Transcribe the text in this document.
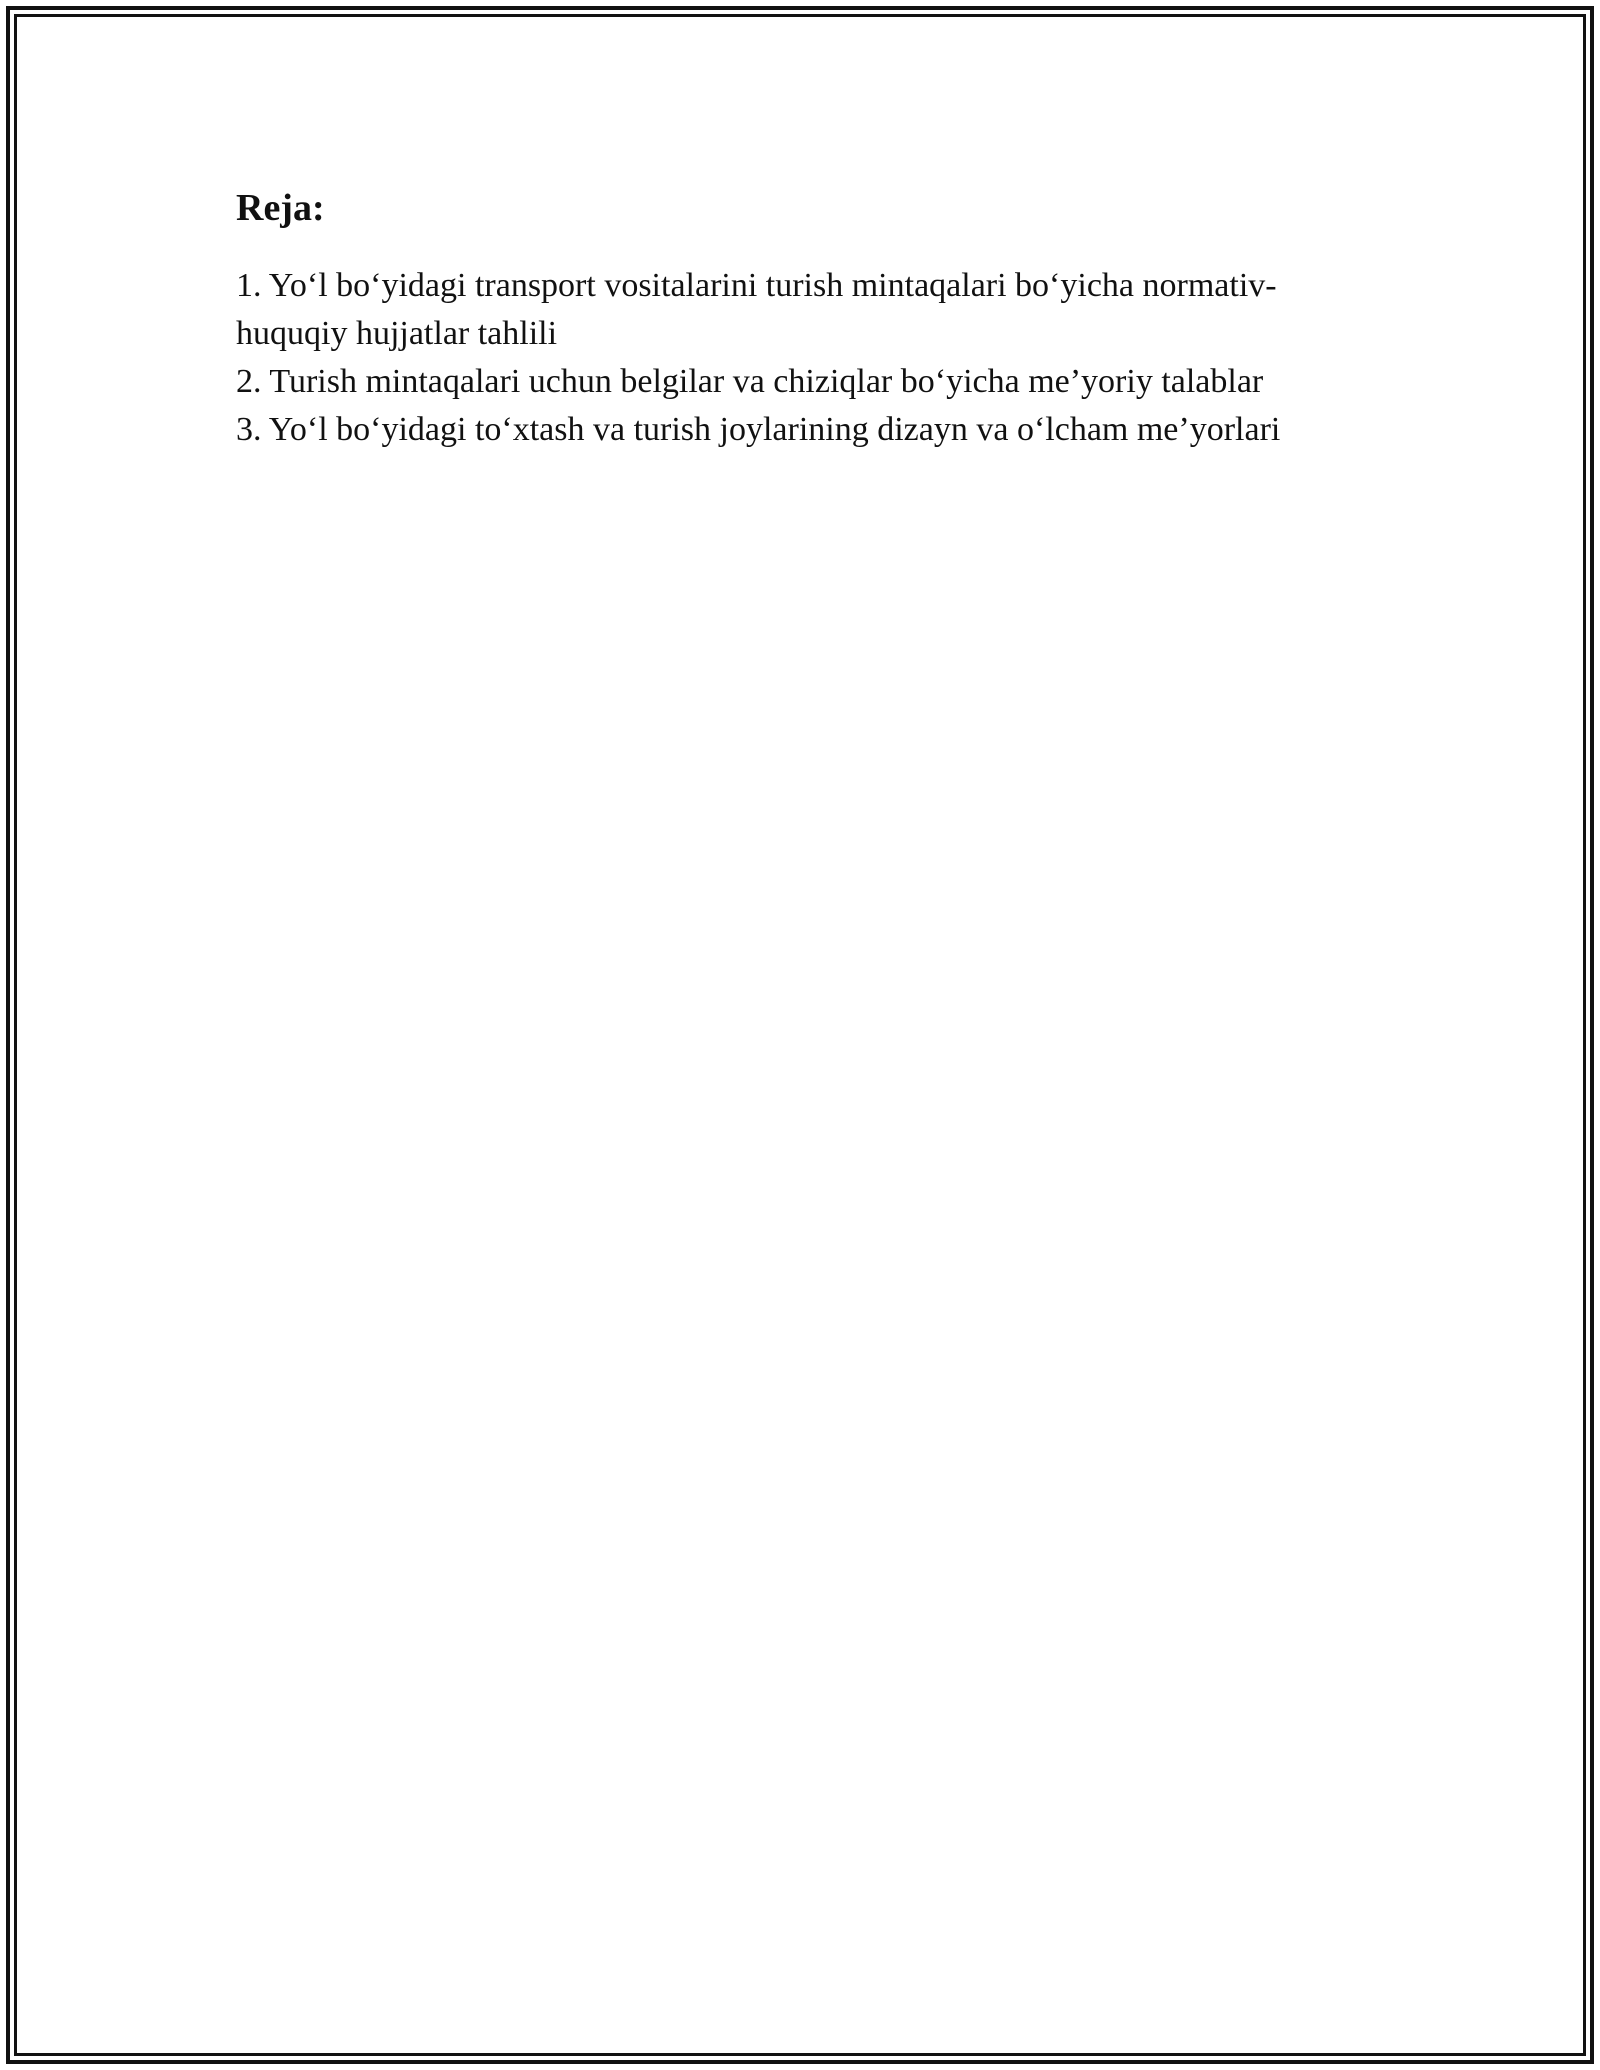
Reja:
1. Yo‘l bo‘yidagi transport vositalarini turish mintaqalari bo‘yicha normativ-huquqiy hujjatlar tahlili
2. Turish mintaqalari uchun belgilar va chiziqlar bo‘yicha me’yoriy talablar
3. Yo‘l bo‘yidagi to‘xtash va turish joylarining dizayn va o‘lcham me’yorlari
